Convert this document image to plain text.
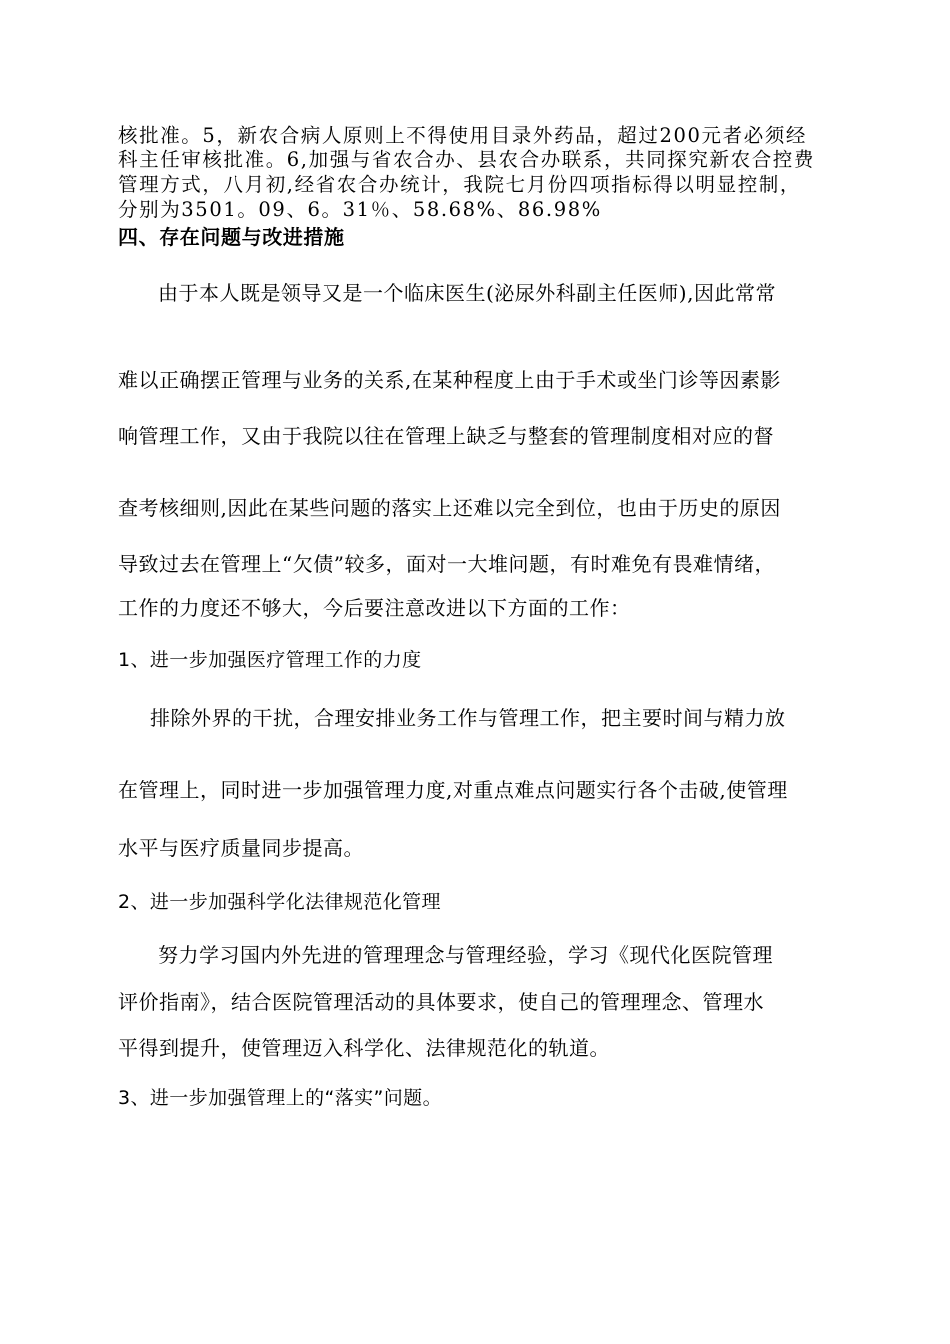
核批准。5，新农合病人原则上不得使用目录外药品，超过200元者必须经
科主任审核批准。6,加强与省农合办、县农合办联系，共同探究新农合控费
管理方式，八月初,经省农合办统计，我院七月份四项指标得以明显控制，
分别为3501。09、6。31％、58.68%、86.98%
四、存在问题与改进措施
由于本人既是领导又是一个临床医生(泌尿外科副主任医师),因此常常
难以正确摆正管理与业务的关系,在某种程度上由于手术或坐门诊等因素影
响管理工作，又由于我院以往在管理上缺乏与整套的管理制度相对应的督
查考核细则,因此在某些问题的落实上还难以完全到位，也由于历史的原因
导致过去在管理上“欠债”较多，面对一大堆问题，有时难免有畏难情绪，
工作的力度还不够大，今后要注意改进以下方面的工作：
1、进一步加强医疗管理工作的力度
排除外界的干扰，合理安排业务工作与管理工作，把主要时间与精力放
在管理上，同时进一步加强管理力度,对重点难点问题实行各个击破,使管理
水平与医疗质量同步提高。
2、进一步加强科学化法律规范化管理
努力学习国内外先进的管理理念与管理经验，学习《现代化医院管理
评价指南》，结合医院管理活动的具体要求，使自己的管理理念、管理水
平得到提升，使管理迈入科学化、法律规范化的轨道。
3、进一步加强管理上的“落实”问题。
